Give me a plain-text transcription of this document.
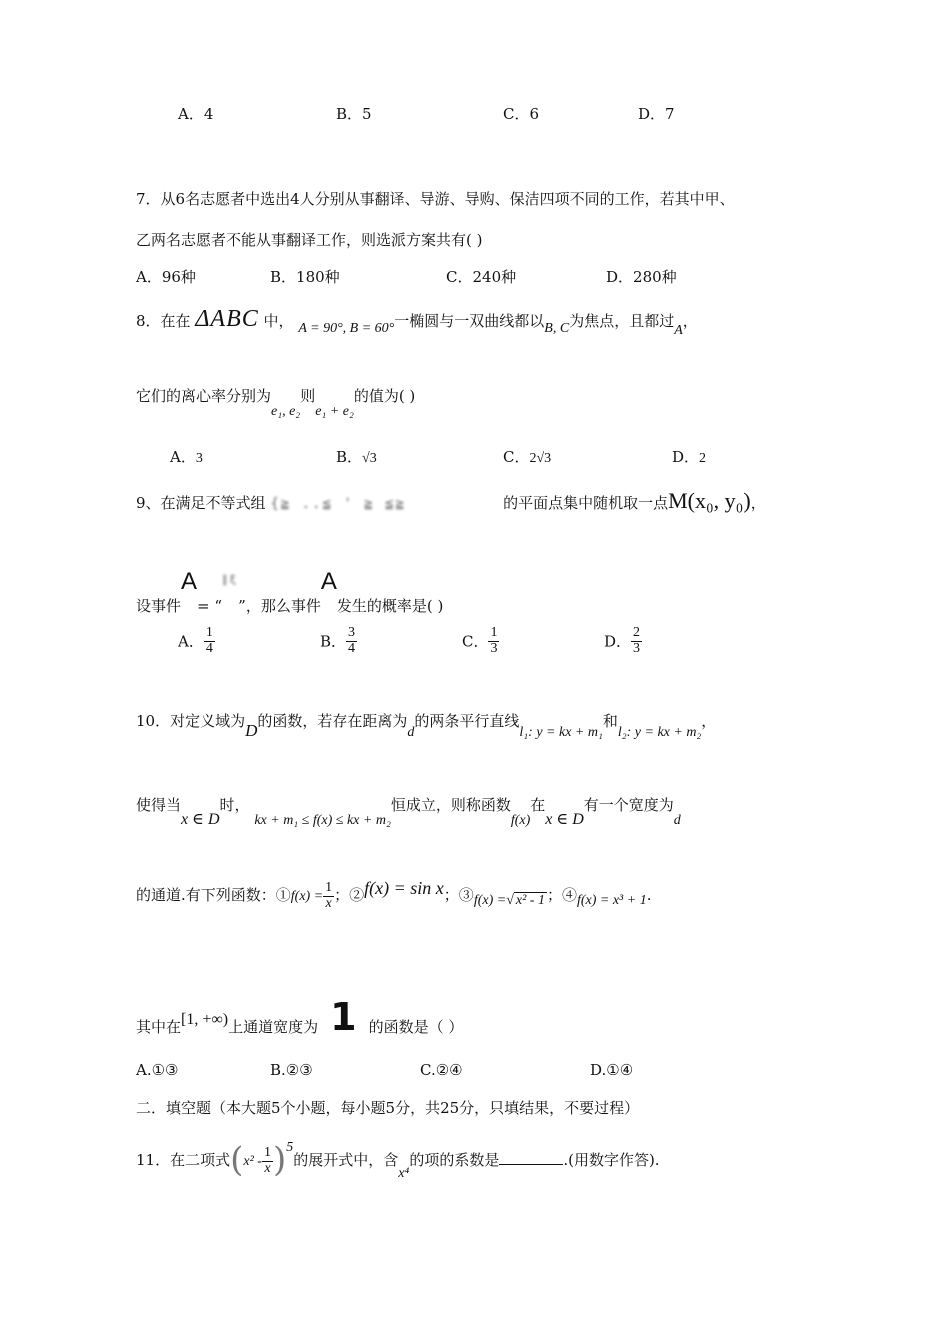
A．4	B．5	C．6	D．7
7．从6名志愿者中选出4人分别从事翻译、导游、导购、保洁四项不同的工作，若其中甲、
乙两名志愿者不能从事翻译工作，则选派方案共有( )
A．96种	B．180种	C．240种	D．280种
8．在在 ΔABC 中， A = 90°, B = 60°一椭圆与一双曲线都以B, C为焦点，且都过A，
它们的离心率分别为e₁, e₂则e₁ + e₂的值为( )
A．3	B．√3	C．2√3	D．2
9、在满足不等式组 {≧ ..≦ ' ≧ ≦≧	的平面点集中随机取一点M(x₀, y₀)，
设事件A= “∥ξ”，那么事件A发生的概率是( )
A． $\frac{1}{4}$	B． $\frac{3}{4}$	C． $\frac{1}{3}$	D． $\frac{2}{3}$
10．对定义域为D的函数，若存在距离为d的两条平行直线l₁: y = kx + m₁和l₂: y = kx + m₂，
使得当x ∈ D时， kx + m₁ ≤ f(x) ≤ kx + m₂恒成立，则称函数f(x)在x ∈ D有一个宽度为d
的通道.有下列函数：①f(x) = $\frac{1}{x}$ ；②f(x) = sin x；③f(x) =√ x² - 1 ；④f(x) = x³ + 1.
其中在[1, +∞)上通道宽度为 1 的函数是（ ）
A.①③	B.②③	C.②④	D.①④
二．填空题（本大题5个小题，每小题5分，共25分，只填结果，不要过程）
11．在二项式$(x^2 - \frac{1}{x} )^5$的展开式中，含x⁴的项的系数是	.(用数字作答).
